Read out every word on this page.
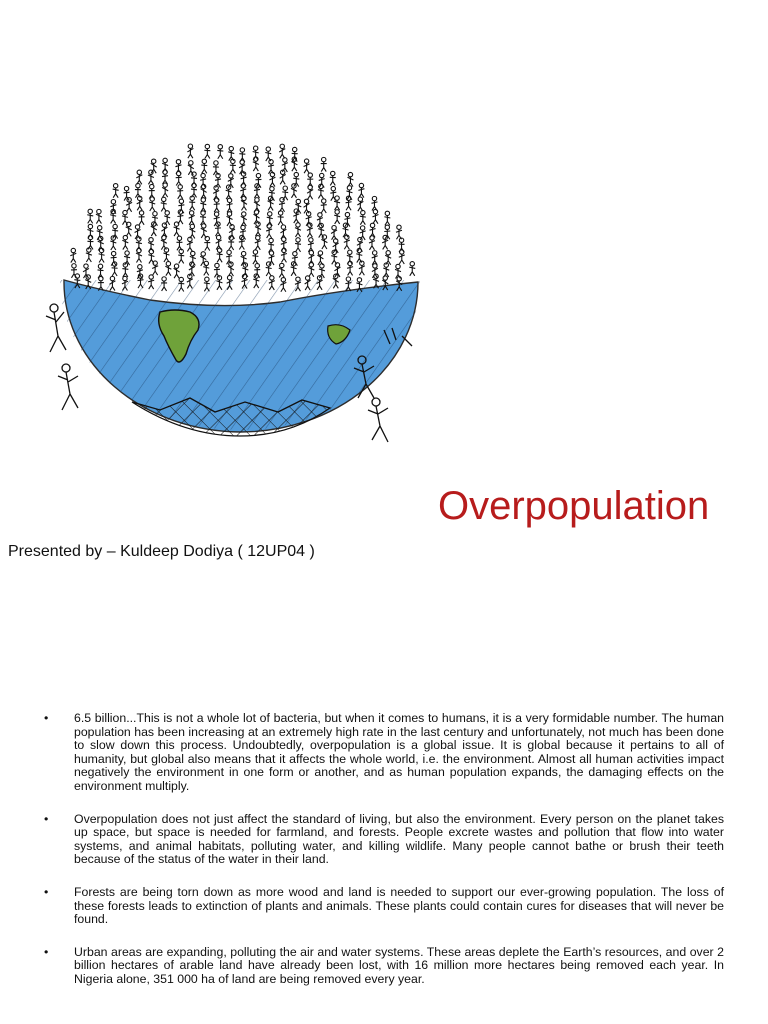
Overpopulation
Presented by – Kuldeep Dodiya ( 12UP04 )
• 6.5 billion...This is not a whole lot of bacteria, but when it comes to humans, it is a very formidable number. The human population has been increasing at an extremely high rate in the last century and unfortunately, not much has been done to slow down this process. Undoubtedly, overpopulation is a global issue. It is global because it pertains to all of humanity, but global also means that it affects the whole world, i.e. the environment. Almost all human activities impact negatively the environment in one form or another, and as human population expands, the damaging effects on the environment multiply.
• Overpopulation does not just affect the standard of living, but also the environment. Every person on the planet takes up space, but space is needed for farmland, and forests. People excrete wastes and pollution that flow into water systems, and animal habitats, polluting water, and killing wildlife. Many people cannot bathe or brush their teeth because of the status of the water in their land.
• Forests are being torn down as more wood and land is needed to support our ever-growing population. The loss of these forests leads to extinction of plants and animals. These plants could contain cures for diseases that will never be found.
• Urban areas are expanding, polluting the air and water systems. These areas deplete the Earth’s resources, and over 2 billion hectares of arable land have already been lost, with 16 million more hectares being removed each year. In Nigeria alone, 351 000 ha of land are being removed every year.
